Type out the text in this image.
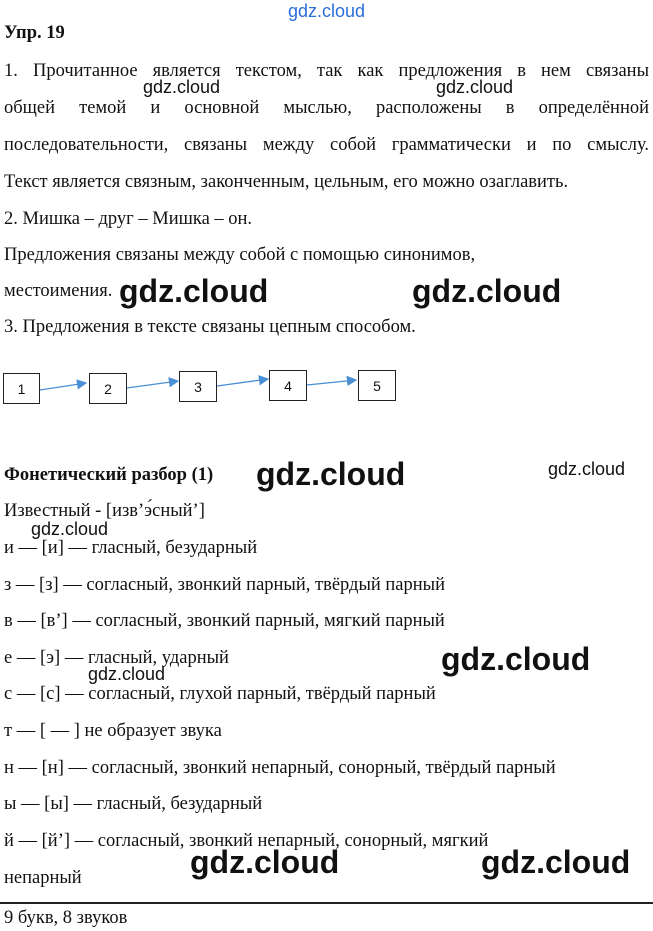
gdz.cloud
Упр. 19
1. Прочитанное является текстом, так как предложения в нем связаны
общей темой и основной мыслью, расположены в определённой
последовательности, связаны между собой грамматически и по смыслу.
Текст является связным, законченным, цельным, его можно озаглавить.
2. Мишка – друг – Мишка – он.
Предложения связаны между собой с помощью синонимов,
местоимения.
3. Предложения в тексте связаны цепным способом.
1	2	3	4	5
Фонетический разбор (1)
Известный - [изв’э́сный’]
и — [и] — гласный, безударный
з — [з] — согласный, звонкий парный, твёрдый парный
в — [в’] — согласный, звонкий парный, мягкий парный
е — [э] — гласный, ударный
с — [с] — согласный, глухой парный, твёрдый парный
т — [ — ] не образует звука
н — [н] — согласный, звонкий непарный, сонорный, твёрдый парный
ы — [ы] — гласный, безударный
й — [й’] — согласный, звонкий непарный, сонорный, мягкий
непарный
9 букв, 8 звуков
gdz.cloud	gdz.cloud
gdz.cloud	gdz.cloud
gdz.cloud	gdz.cloud
gdz.cloud
gdz.cloud
gdz.cloud
gdz.cloud	gdz.cloud
